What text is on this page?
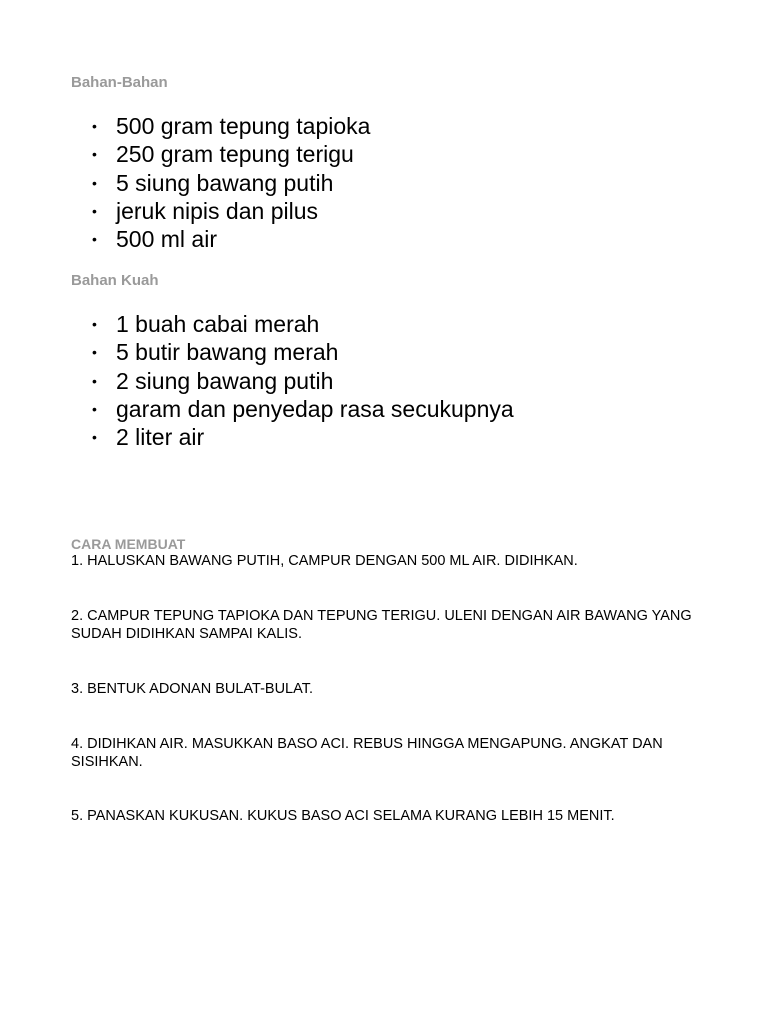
Bahan-Bahan
• 500 gram tepung tapioka
• 250 gram tepung terigu
• 5 siung bawang putih
• jeruk nipis dan pilus
• 500 ml air
Bahan Kuah
• 1 buah cabai merah
• 5 butir bawang merah
• 2 siung bawang putih
• garam dan penyedap rasa secukupnya
• 2 liter air
CARA MEMBUAT
1. HALUSKAN BAWANG PUTIH, CAMPUR DENGAN 500 ML AIR. DIDIHKAN.
2. CAMPUR TEPUNG TAPIOKA DAN TEPUNG TERIGU. ULENI DENGAN AIR BAWANG YANG SUDAH DIDIHKAN SAMPAI KALIS.
3. BENTUK ADONAN BULAT-BULAT.
4. DIDIHKAN AIR. MASUKKAN BASO ACI. REBUS HINGGA MENGAPUNG. ANGKAT DAN SISIHKAN.
5. PANASKAN KUKUSAN. KUKUS BASO ACI SELAMA KURANG LEBIH 15 MENIT.
